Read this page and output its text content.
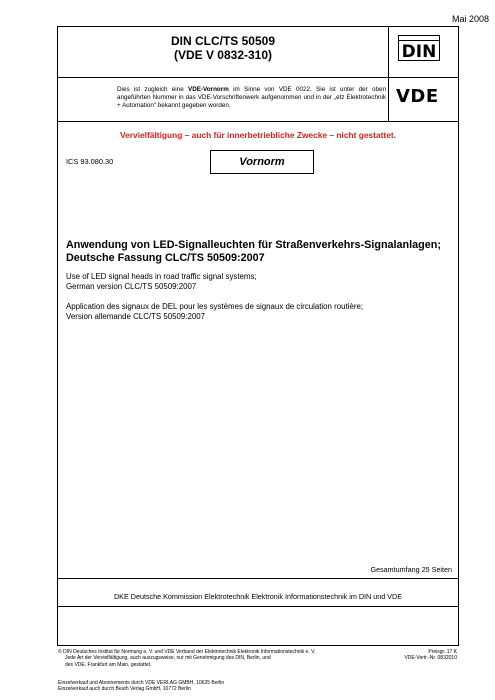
Mai 2008
DIN CLC/TS 50509
(VDE V 0832-310)	DIN
Dies ist zugleich eine VDE-Vornorm im Sinne von VDE 0022. Sie ist unter der oben angeführten Nummer in das VDE-Vorschriftenwerk aufgenommen und in der „etz Elektrotechnik + Automation“ bekannt gegeben worden.	VDE
Vervielfältigung – auch für innerbetriebliche Zwecke – nicht gestattet.
ICS 93.080.30	Vornorm
Anwendung von LED-Signalleuchten für Straßenverkehrs-Signalanlagen;
Deutsche Fassung CLC/TS 50509:2007
Use of LED signal heads in road traffic signal systems;
German version CLC/TS 50509:2007
Application des signaux de DEL pour les systèmes de signaux de circulation routière;
Version allemande CLC/TS 50509:2007
Gesamtumfang 25 Seiten
DKE Deutsche Kommission Elektrotechnik Elektronik Informationstechnik im DIN und VDE
© DIN Deutsches Institut für Normung e. V. und VDE Verband der Elektrotechnik Elektronik Informationstechnik e. V.
Jede Art der Vervielfältigung, auch auszugsweise, nur mit Genehmigung des DIN, Berlin, und
des VDE, Frankfurt am Main, gestattet.
Preisgr. 17 K
VDE-Vertr.-Nr. 0832010
Einzelverkauf und Abonnements durch VDE VERLAG GMBH, 10625 Berlin
Einzelverkauf auch durch Beuth Verlag GmbH, 10772 Berlin
